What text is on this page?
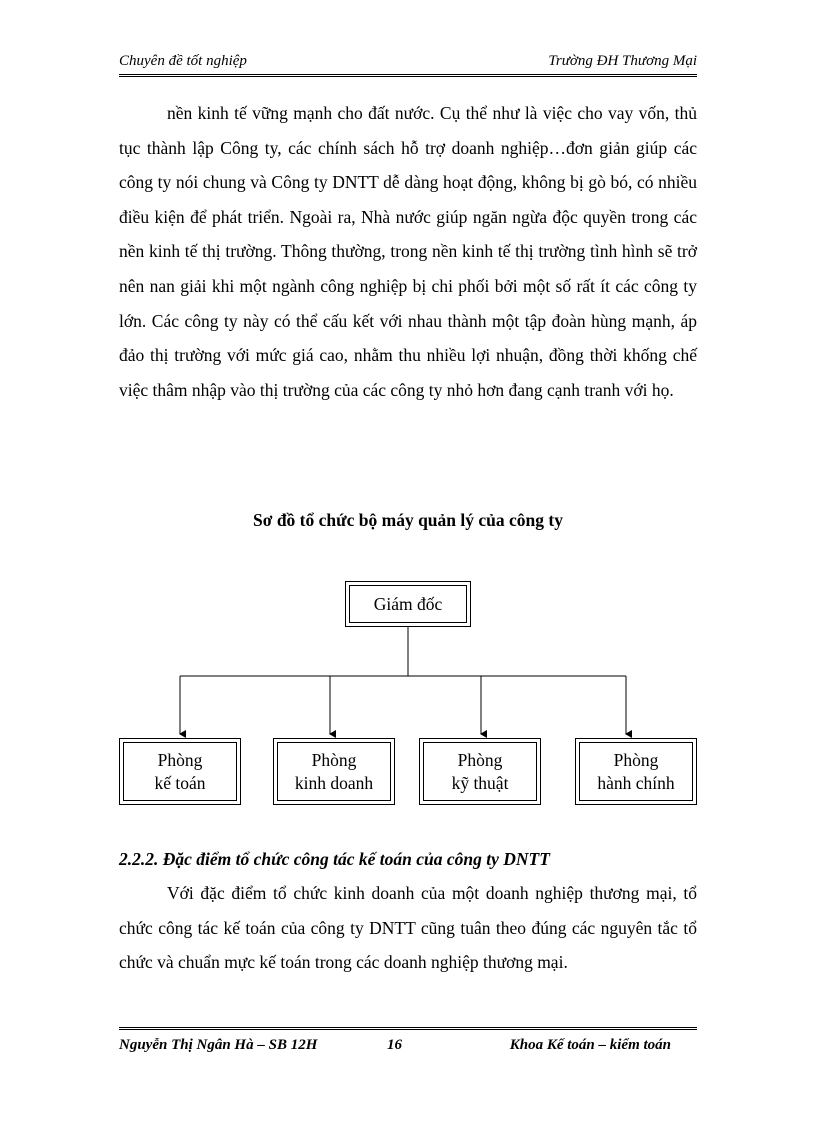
Chuyên đề tốt nghiệp	Trường ĐH Thương Mại

nền kinh tế vững mạnh cho đất nước. Cụ thể như là việc cho vay vốn, thủ tục thành lập Công ty, các chính sách hỗ trợ doanh nghiệp…đơn giản giúp các công ty nói chung và Công ty DNTT dễ dàng hoạt động, không bị gò bó, có nhiều điều kiện để phát triển. Ngoài ra, Nhà nước giúp ngăn ngừa độc quyền trong các nền kinh tế thị trường. Thông thường, trong nền kinh tế thị trường tình hình sẽ trở nên nan giải khi một ngành công nghiệp bị chi phối bởi một số rất ít các công ty lớn. Các công ty này có thể cấu kết với nhau thành một tập đoàn hùng mạnh, áp đảo thị trường với mức giá cao, nhằm thu nhiều lợi nhuận, đồng thời khống chế việc thâm nhập vào thị trường của các công ty nhỏ hơn đang cạnh tranh với họ.

Sơ đồ tổ chức bộ máy quản lý của công ty
Giám đốc
Phòng
kế toán
Phòng
kinh doanh
Phòng
kỹ thuật
Phòng
hành chính
2.2.2. Đặc điểm tổ chức công tác kế toán của công ty DNTT

Với đặc điểm tổ chức kinh doanh của một doanh nghiệp thương mại, tổ chức công tác kế toán của công ty DNTT cũng tuân theo đúng các nguyên tắc tổ chức và chuẩn mực kế toán trong các doanh nghiệp thương mại.

Nguyễn Thị Ngân Hà – SB 12H	16	Khoa Kế toán – kiểm toán
